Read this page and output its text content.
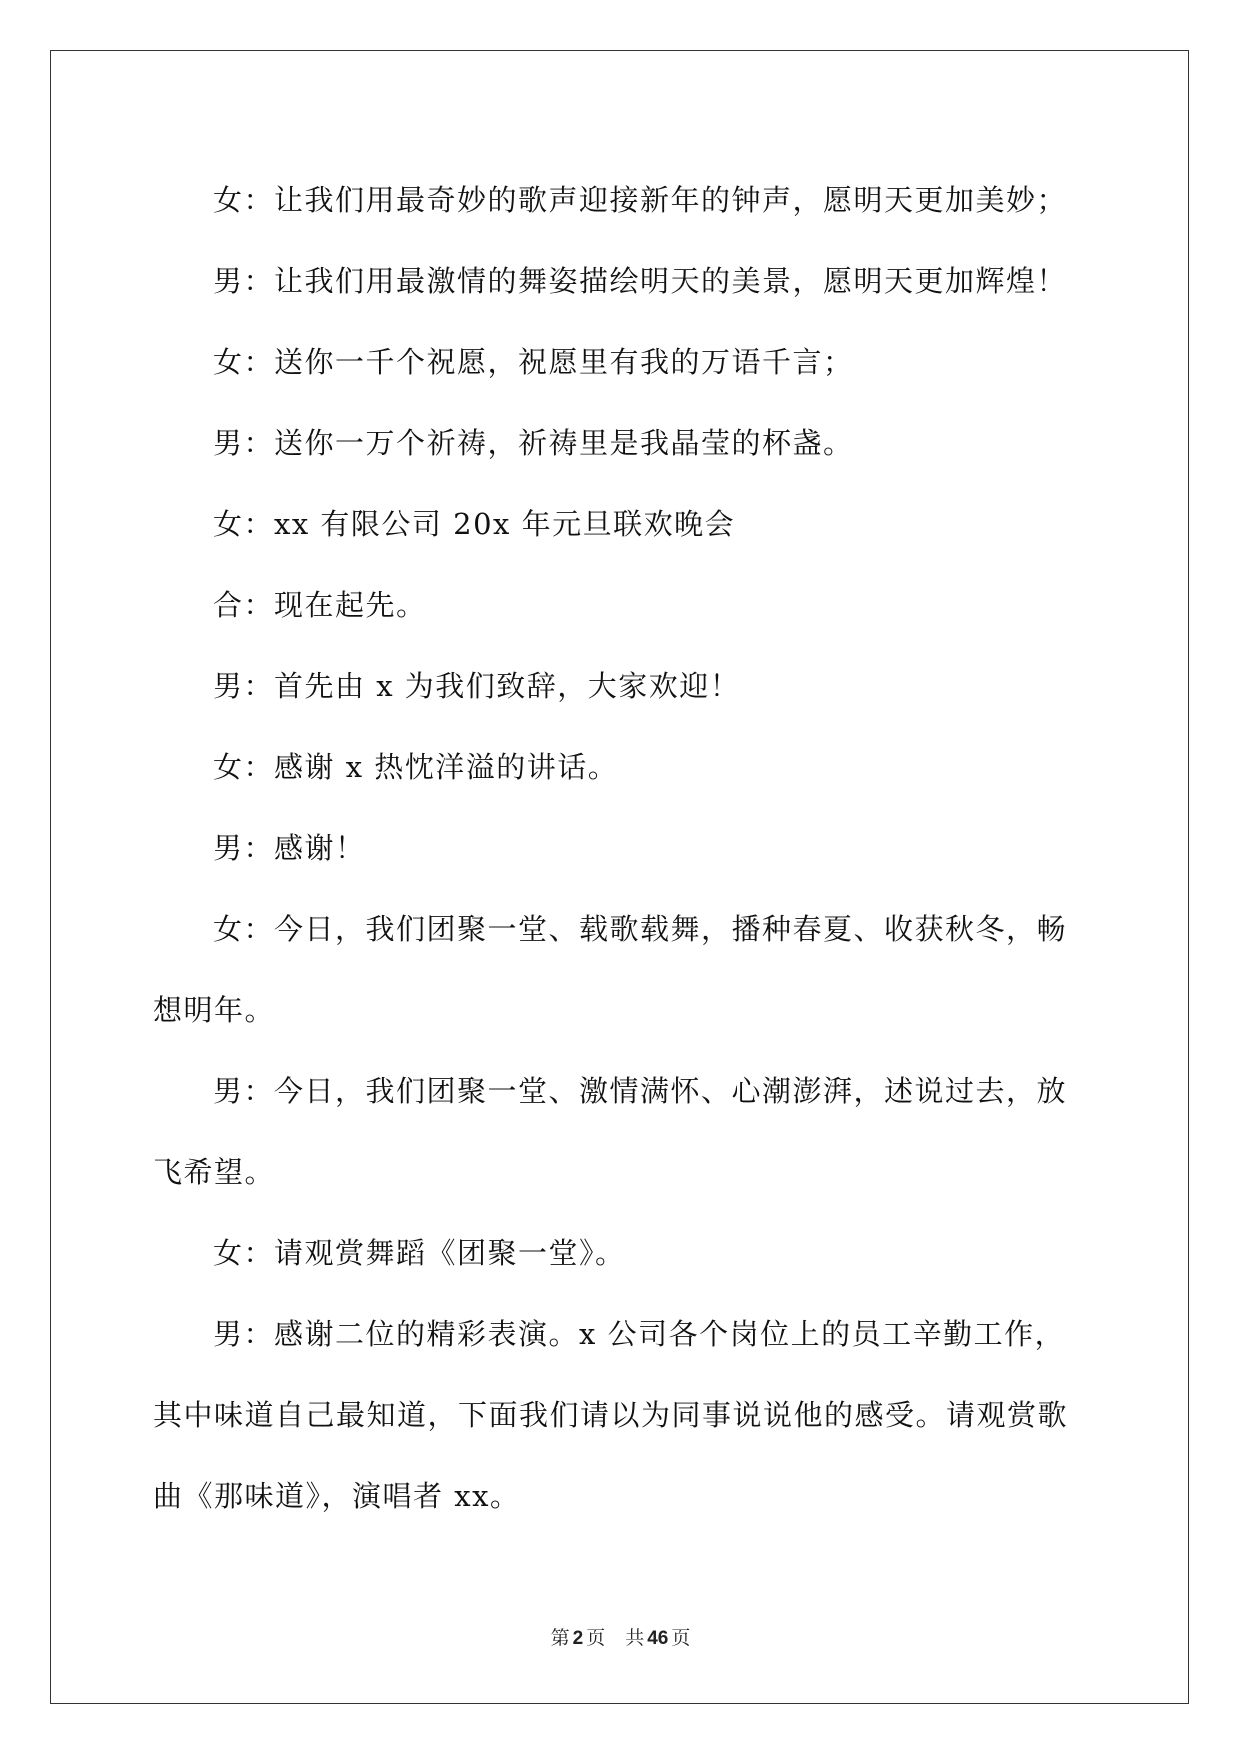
女：让我们用最奇妙的歌声迎接新年的钟声，愿明天更加美妙；

男：让我们用最激情的舞姿描绘明天的美景，愿明天更加辉煌！

女：送你一千个祝愿，祝愿里有我的万语千言；

男：送你一万个祈祷，祈祷里是我晶莹的杯盏。

女：xx 有限公司 20x 年元旦联欢晚会

合：现在起先。

男：首先由 x 为我们致辞，大家欢迎！

女：感谢 x 热忱洋溢的讲话。

男：感谢！

女：今日，我们团聚一堂、载歌载舞，播种春夏、收获秋冬，畅想明年。

男：今日，我们团聚一堂、激情满怀、心潮澎湃，述说过去，放飞希望。

女：请观赏舞蹈《团聚一堂》。

男：感谢二位的精彩表演。x 公司各个岗位上的员工辛勤工作，其中味道自己最知道，下面我们请以为同事说说他的感受。请观赏歌曲《那味道》，演唱者 xx。

第 2 页 共 46 页
